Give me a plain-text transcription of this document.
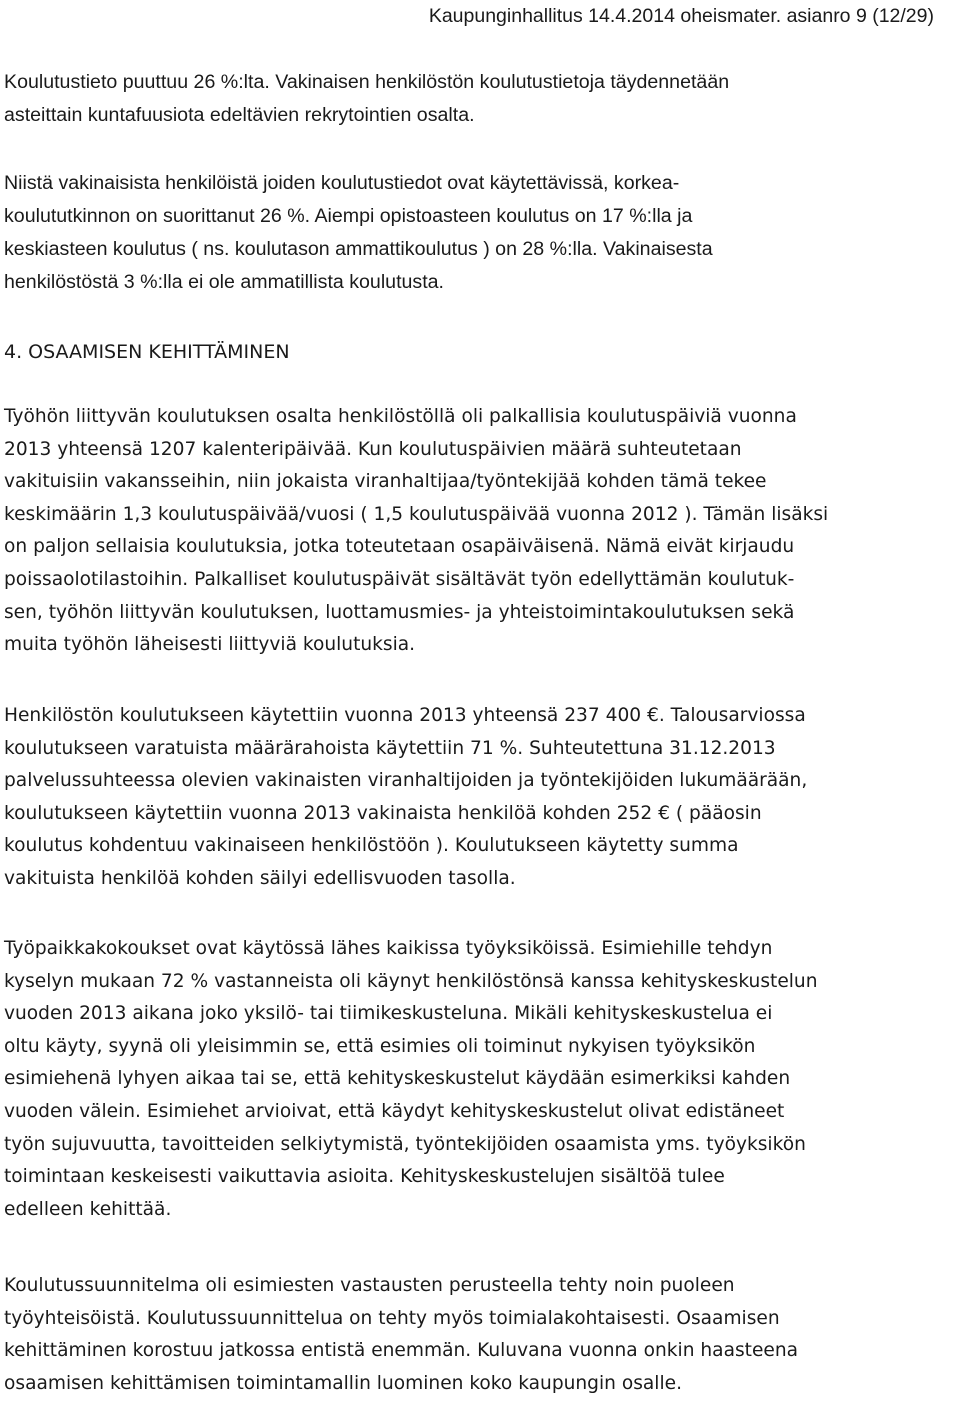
Kaupunginhallitus 14.4.2014 oheismater. asianro 9 (12/29)
Koulutustieto puuttuu 26 %:lta. Vakinaisen henkilöstön koulutustietoja täydennetään
asteittain kuntafuusiota edeltävien rekrytointien osalta.
Niistä vakinaisista henkilöistä joiden koulutustiedot ovat käytettävissä, korkea-
koulututkinnon on suorittanut 26 %. Aiempi opistoasteen koulutus on 17 %:lla ja
keskiasteen koulutus ( ns. koulutason ammattikoulutus ) on 28 %:lla. Vakinaisesta
henkilöstöstä 3 %:lla ei ole ammatillista koulutusta.
4. OSAAMISEN KEHITTÄMINEN
Työhön liittyvän koulutuksen osalta henkilöstöllä oli palkallisia koulutuspäiviä vuonna
2013 yhteensä 1207 kalenteripäivää. Kun koulutuspäivien määrä suhteutetaan
vakituisiin vakansseihin, niin jokaista viranhaltijaa/työntekijää kohden tämä tekee
keskimäärin 1,3 koulutuspäivää/vuosi ( 1,5 koulutuspäivää vuonna 2012 ). Tämän lisäksi
on paljon sellaisia koulutuksia, jotka toteutetaan osapäiväisenä. Nämä eivät kirjaudu
poissaolotilastoihin. Palkalliset koulutuspäivät sisältävät työn edellyttämän koulutuk-
sen, työhön liittyvän koulutuksen, luottamusmies- ja yhteistoimintakoulutuksen sekä
muita työhön läheisesti liittyviä koulutuksia.
Henkilöstön koulutukseen käytettiin vuonna 2013 yhteensä 237 400 €. Talousarviossa
koulutukseen varatuista määrärahoista käytettiin 71 %. Suhteutettuna 31.12.2013
palvelussuhteessa olevien vakinaisten viranhaltijoiden ja työntekijöiden lukumäärään,
koulutukseen käytettiin vuonna 2013 vakinaista henkilöä kohden 252 € ( pääosin
koulutus kohdentuu vakinaiseen henkilöstöön ). Koulutukseen käytetty summa
vakituista henkilöä kohden säilyi edellisvuoden tasolla.
Työpaikkakokoukset ovat käytössä lähes kaikissa työyksiköissä. Esimiehille tehdyn
kyselyn mukaan 72 % vastanneista oli käynyt henkilöstönsä kanssa kehityskeskustelun
vuoden 2013 aikana joko yksilö- tai tiimikeskusteluna. Mikäli kehityskeskustelua ei
oltu käyty, syynä oli yleisimmin se, että esimies oli toiminut nykyisen työyksikön
esimiehenä lyhyen aikaa tai se, että kehityskeskustelut käydään esimerkiksi kahden
vuoden välein. Esimiehet arvioivat, että käydyt kehityskeskustelut olivat edistäneet
työn sujuvuutta, tavoitteiden selkiytymistä, työntekijöiden osaamista yms. työyksikön
toimintaan keskeisesti vaikuttavia asioita. Kehityskeskustelujen sisältöä tulee
edelleen kehittää.
Koulutussuunnitelma oli esimiesten vastausten perusteella tehty noin puoleen
työyhteisöistä. Koulutussuunnittelua on tehty myös toimialakohtaisesti. Osaamisen
kehittäminen korostuu jatkossa entistä enemmän. Kuluvana vuonna onkin haasteena
osaamisen kehittämisen toimintamallin luominen koko kaupungin osalle.
